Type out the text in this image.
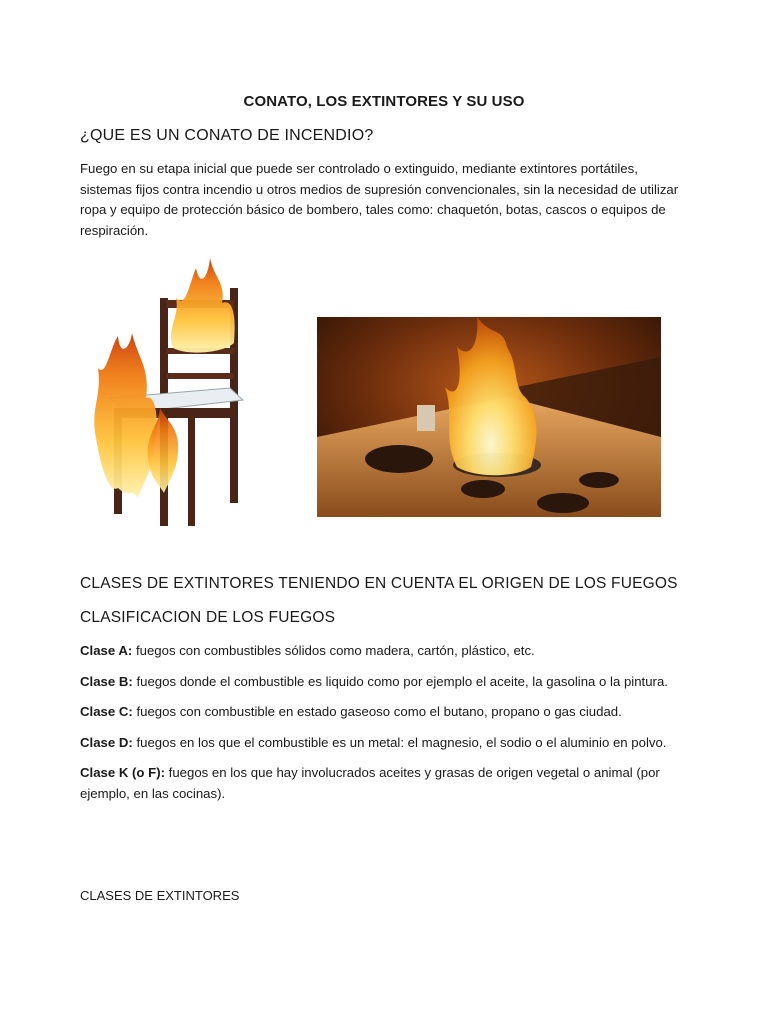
CONATO, LOS EXTINTORES Y SU USO
¿QUE ES UN CONATO DE INCENDIO?
Fuego en su etapa inicial que puede ser controlado o extinguido, mediante extintores portátiles, sistemas fijos contra incendio u otros medios de supresión convencionales, sin la necesidad de utilizar ropa y equipo de protección básico de bombero, tales como: chaquetón, botas, cascos o equipos de respiración.
CLASES DE EXTINTORES TENIENDO EN CUENTA EL ORIGEN DE LOS FUEGOS
CLASIFICACION DE LOS FUEGOS

Clase A: fuegos con combustibles sólidos como madera, cartón, plástico, etc.

Clase B: fuegos donde el combustible es liquido como por ejemplo el aceite, la gasolina o la pintura.

Clase C: fuegos con combustible en estado gaseoso como el butano, propano o gas ciudad.

Clase D: fuegos en los que el combustible es un metal: el magnesio, el sodio o el aluminio en polvo.

Clase K (o F): fuegos en los que hay involucrados aceites y grasas de origen vegetal o animal (por ejemplo, en las cocinas).

CLASES DE EXTINTORES
